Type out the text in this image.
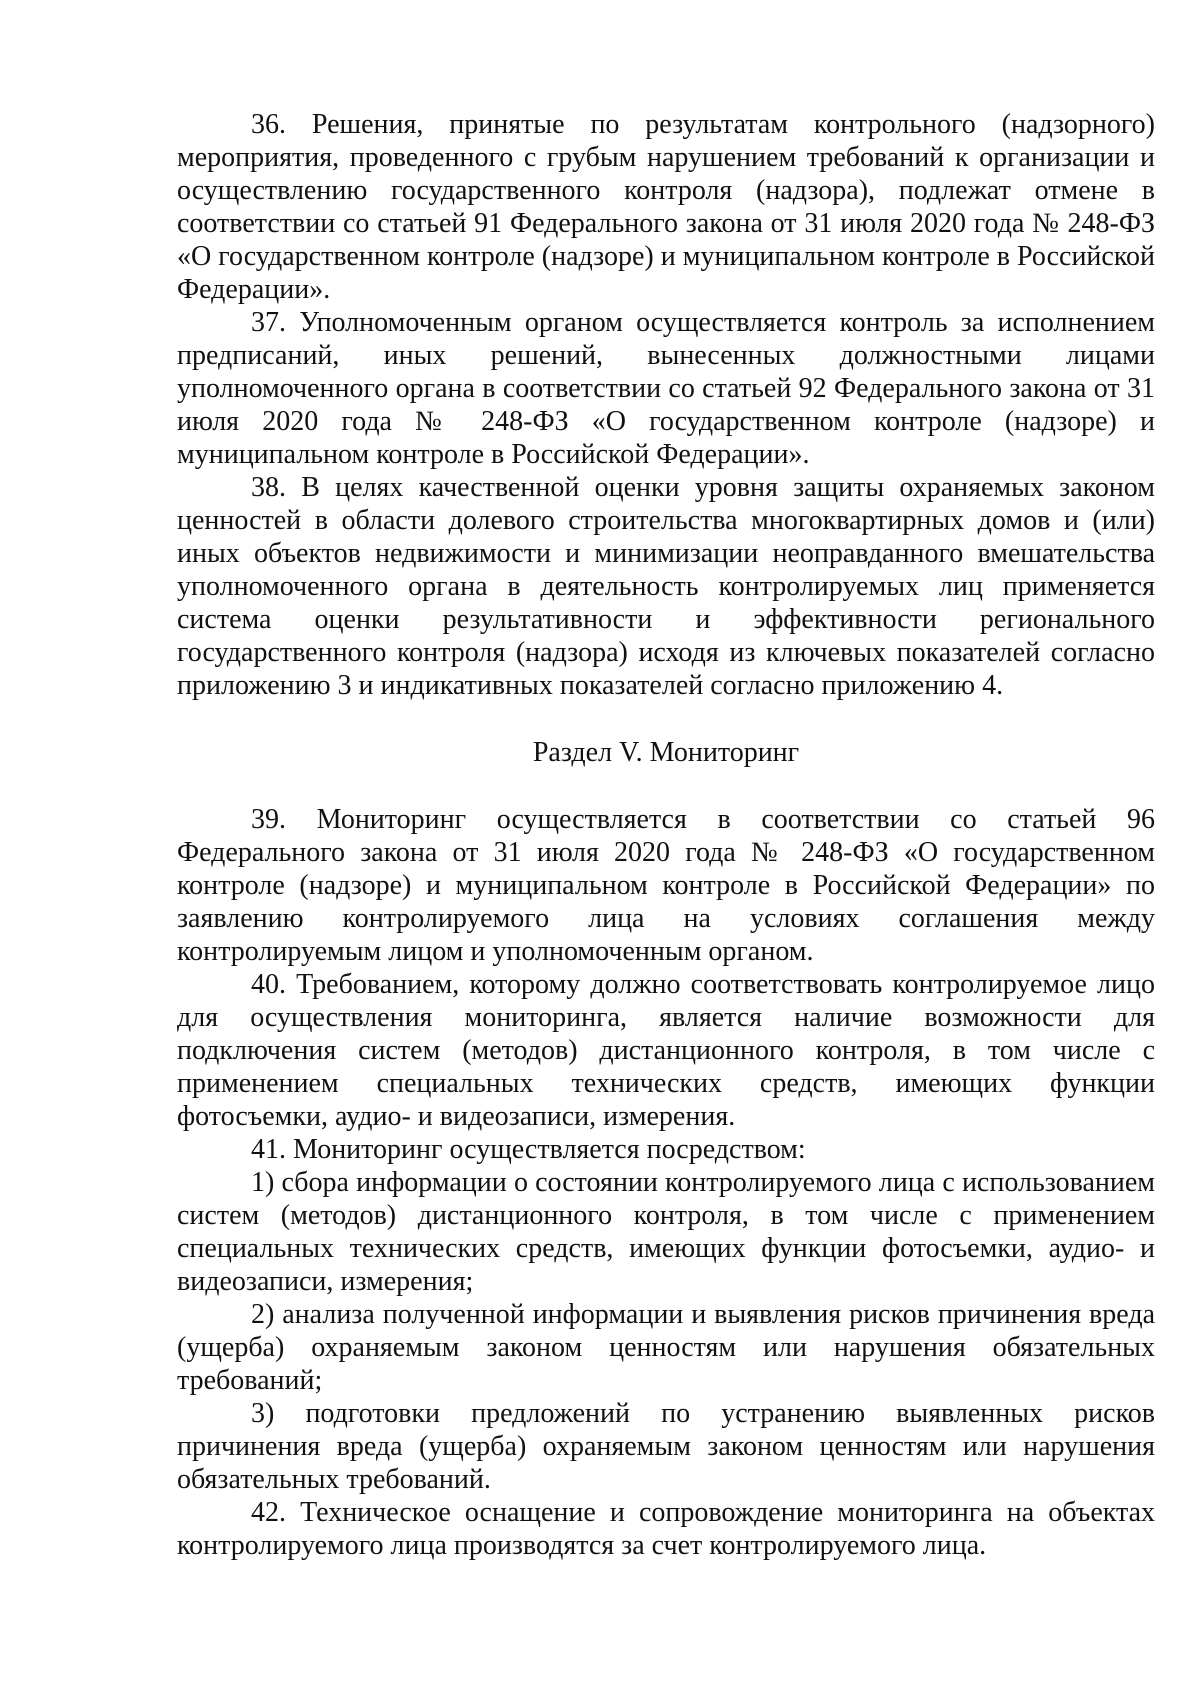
36. Решения, принятые по результатам контрольного (надзорного) мероприятия, проведенного с грубым нарушением требований к организации и осуществлению государственного контроля (надзора), подлежат отмене в соответствии со статьей 91 Федерального закона от 31 июля 2020 года № 248-ФЗ «О государственном контроле (надзоре) и муниципальном контроле в Российской Федерации».

37. Уполномоченным органом осуществляется контроль за исполнением предписаний, иных решений, вынесенных должностными лицами уполномоченного органа в соответствии со статьей 92 Федерального закона от 31 июля 2020 года № 248-ФЗ «О государственном контроле (надзоре) и муниципальном контроле в Российской Федерации».

38. В целях качественной оценки уровня защиты охраняемых законом ценностей в области долевого строительства многоквартирных домов и (или) иных объектов недвижимости и минимизации неоправданного вмешательства уполномоченного органа в деятельность контролируемых лиц применяется система оценки результативности и эффективности регионального государственного контроля (надзора) исходя из ключевых показателей согласно приложению 3 и индикативных показателей согласно приложению 4.

Раздел V. Мониторинг

39. Мониторинг осуществляется в соответствии со статьей 96 Федерального закона от 31 июля 2020 года № 248-ФЗ «О государственном контроле (надзоре) и муниципальном контроле в Российской Федерации» по заявлению контролируемого лица на условиях соглашения между контролируемым лицом и уполномоченным органом.

40. Требованием, которому должно соответствовать контролируемое лицо для осуществления мониторинга, является наличие возможности для подключения систем (методов) дистанционного контроля, в том числе с применением специальных технических средств, имеющих функции фотосъемки, аудио- и видеозаписи, измерения.

41. Мониторинг осуществляется посредством:

1) сбора информации о состоянии контролируемого лица с использованием систем (методов) дистанционного контроля, в том числе с применением специальных технических средств, имеющих функции фотосъемки, аудио- и видеозаписи, измерения;

2) анализа полученной информации и выявления рисков причинения вреда (ущерба) охраняемым законом ценностям или нарушения обязательных требований;

3) подготовки предложений по устранению выявленных рисков причинения вреда (ущерба) охраняемым законом ценностям или нарушения обязательных требований.

42. Техническое оснащение и сопровождение мониторинга на объектах контролируемого лица производятся за счет контролируемого лица.
